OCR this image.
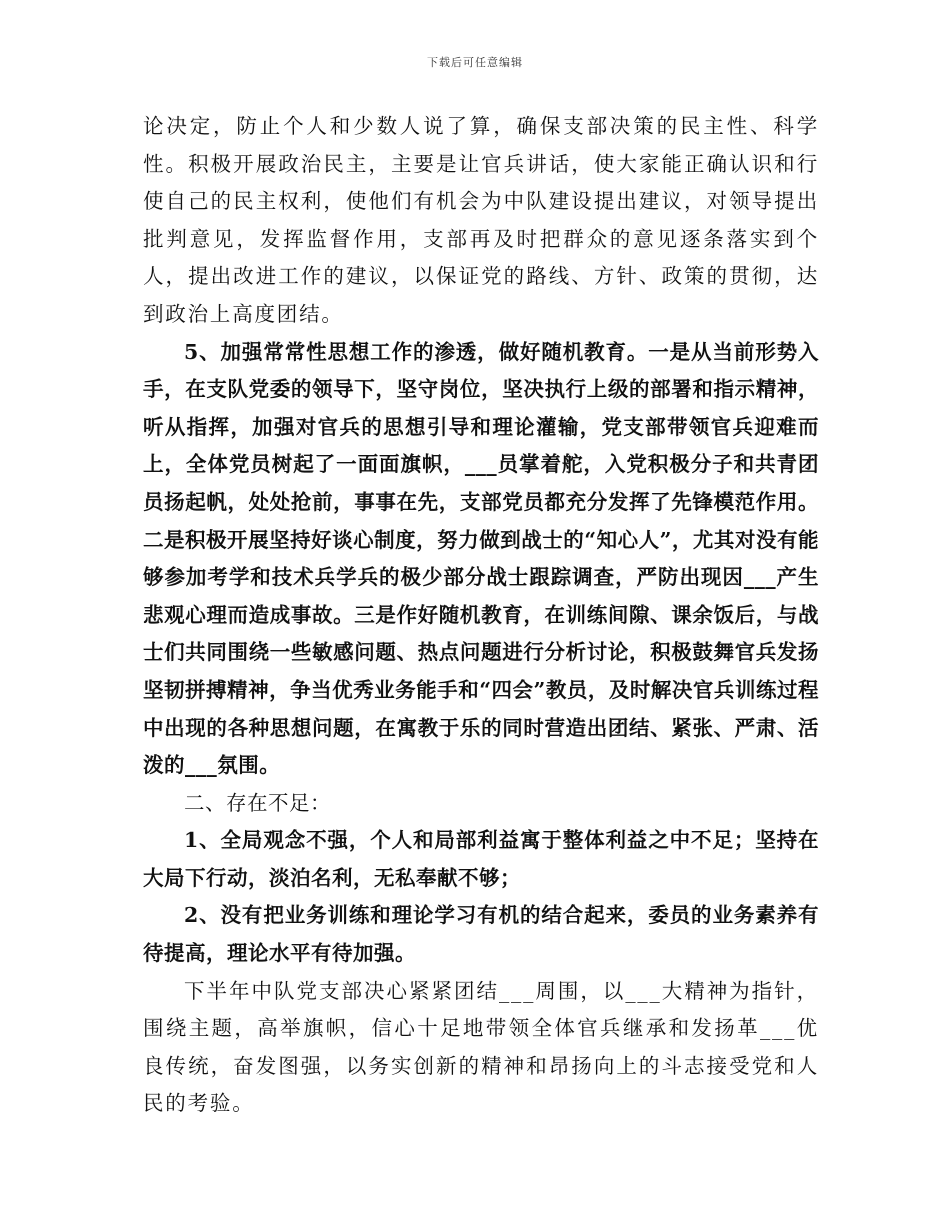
下载后可任意编辑

论决定，防止个人和少数人说了算，确保支部决策的民主性、科学性。积极开展政治民主，主要是让官兵讲话，使大家能正确认识和行使自己的民主权利，使他们有机会为中队建设提出建议，对领导提出批判意见，发挥监督作用，支部再及时把群众的意见逐条落实到个人，提出改进工作的建议，以保证党的路线、方针、政策的贯彻，达到政治上高度团结。

5、加强常常性思想工作的渗透，做好随机教育。一是从当前形势入手，在支队党委的领导下，坚守岗位，坚决执行上级的部署和指示精神，听从指挥，加强对官兵的思想引导和理论灌输，党支部带领官兵迎难而上，全体党员树起了一面面旗帜，___员掌着舵，入党积极分子和共青团员扬起帆，处处抢前，事事在先，支部党员都充分发挥了先锋模范作用。二是积极开展坚持好谈心制度，努力做到战士的“知心人”，尤其对没有能够参加考学和技术兵学兵的极少部分战士跟踪调查，严防出现因___产生悲观心理而造成事故。三是作好随机教育，在训练间隙、课余饭后，与战士们共同围绕一些敏感问题、热点问题进行分析讨论，积极鼓舞官兵发扬坚韧拼搏精神，争当优秀业务能手和“四会”教员，及时解决官兵训练过程中出现的各种思想问题，在寓教于乐的同时营造出团结、紧张、严肃、活泼的___氛围。

二、存在不足：

1、全局观念不强，个人和局部利益寓于整体利益之中不足；坚持在大局下行动，淡泊名利，无私奉献不够；

2、没有把业务训练和理论学习有机的结合起来，委员的业务素养有待提高，理论水平有待加强。

下半年中队党支部决心紧紧团结___周围，以___大精神为指针，围绕主题，高举旗帜，信心十足地带领全体官兵继承和发扬革___优良传统，奋发图强，以务实创新的精神和昂扬向上的斗志接受党和人民的考验。
